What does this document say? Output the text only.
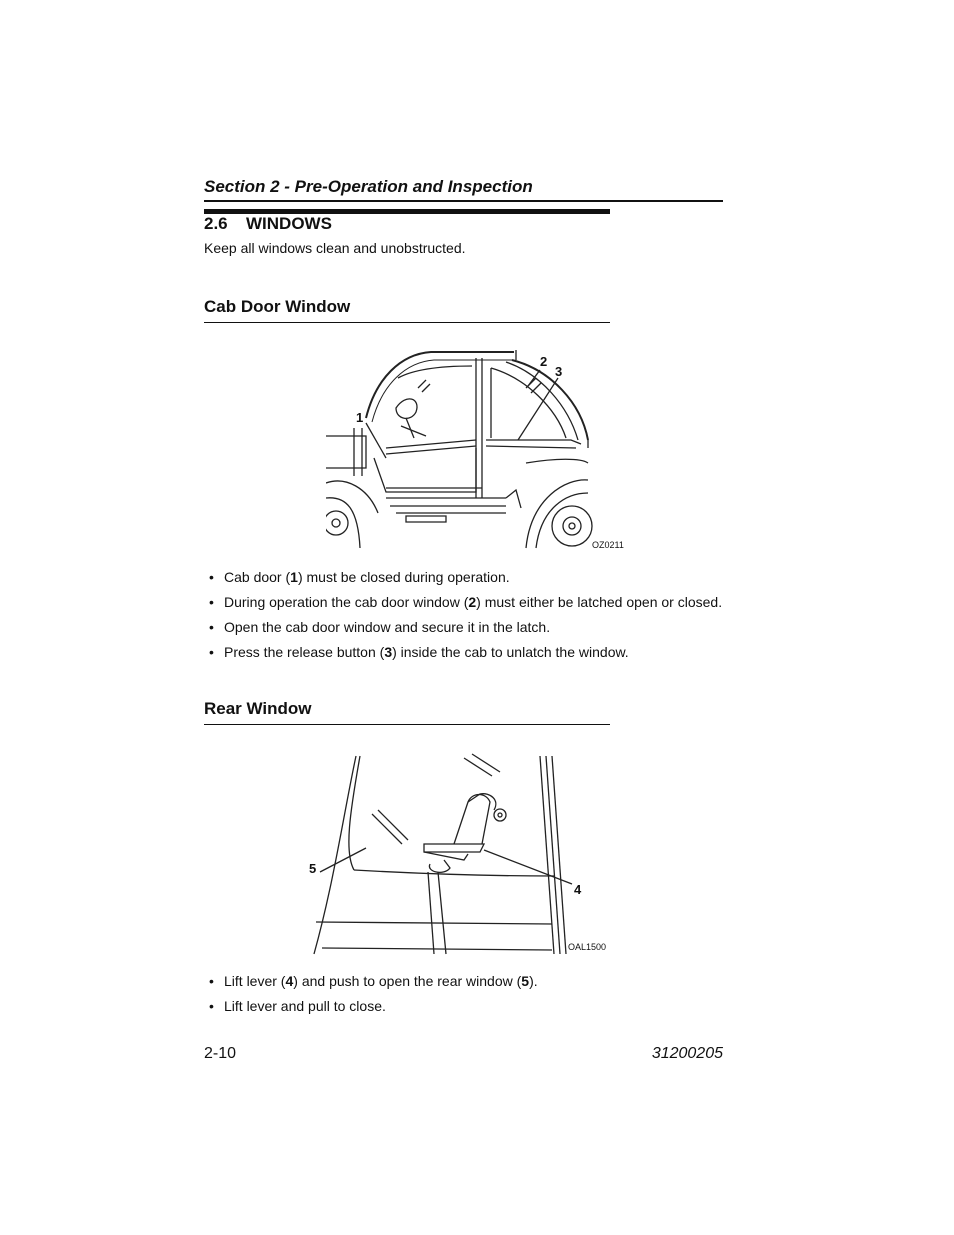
Section 2 - Pre-Operation and Inspection
2.6 WINDOWS
Keep all windows clean and unobstructed.
Cab Door Window
1
2
3
OZ0211
• Cab door (1) must be closed during operation.
• During operation the cab door window (2) must either be latched open or closed.
• Open the cab door window and secure it in the latch.
• Press the release button (3) inside the cab to unlatch the window.
Rear Window
5
4
OAL1500
• Lift lever (4) and push to open the rear window (5).
• Lift lever and pull to close.
2-10	31200205
